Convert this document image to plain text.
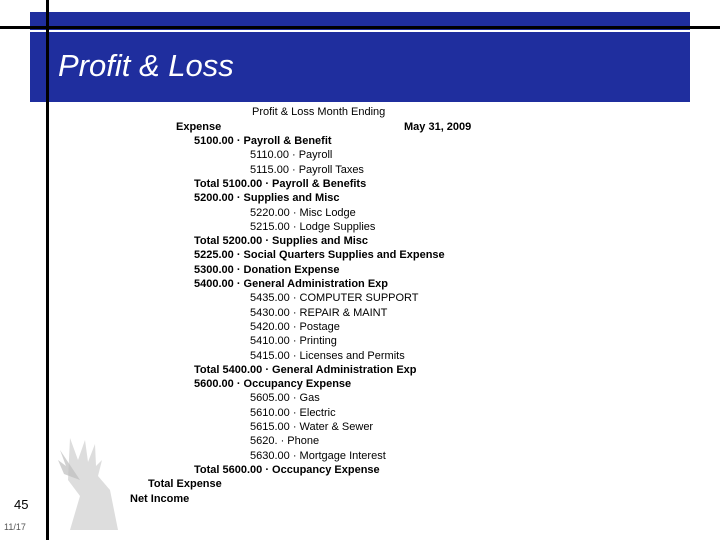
Profit & Loss
Profit & Loss Month Ending
Expense	May 31, 2009
5100.00 · Payroll & Benefit
5110.00 · Payroll
5115.00 · Payroll Taxes
Total 5100.00 · Payroll & Benefits
5200.00 · Supplies and Misc
5220.00 · Misc Lodge
5215.00 · Lodge Supplies
Total 5200.00 · Supplies and Misc
5225.00 · Social Quarters Supplies and Expense
5300.00 · Donation Expense
5400.00 · General Administration Exp
5435.00 · COMPUTER SUPPORT
5430.00 · REPAIR & MAINT
5420.00 · Postage
5410.00 · Printing
5415.00 · Licenses and Permits
Total 5400.00 · General Administration Exp
5600.00 · Occupancy Expense
5605.00 · Gas
5610.00 · Electric
5615.00 · Water & Sewer
5620. · Phone
5630.00 · Mortgage Interest
Total 5600.00 · Occupancy Expense
Total Expense
Net Income
45
11/17
